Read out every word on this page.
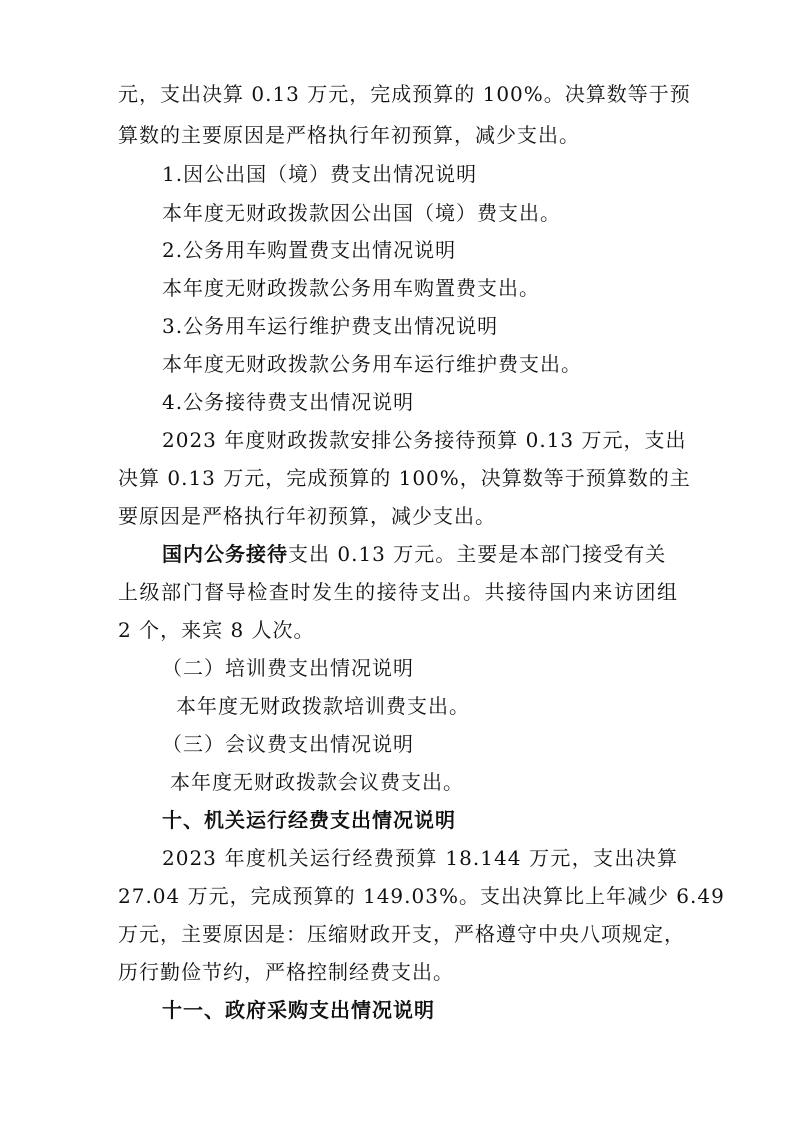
元，支出决算 0.13 万元，完成预算的 100%。决算数等于预
算数的主要原因是严格执行年初预算，减少支出。
1.因公出国（境）费支出情况说明
本年度无财政拨款因公出国（境）费支出。
2.公务用车购置费支出情况说明
本年度无财政拨款公务用车购置费支出。
3.公务用车运行维护费支出情况说明
本年度无财政拨款公务用车运行维护费支出。
4.公务接待费支出情况说明
2023 年度财政拨款安排公务接待预算 0.13 万元，支出
决算 0.13 万元，完成预算的 100%，决算数等于预算数的主
要原因是严格执行年初预算，减少支出。
国内公务接待支出 0.13 万元。主要是本部门接受有关
上级部门督导检查时发生的接待支出。共接待国内来访团组
2 个，来宾 8 人次。
（二）培训费支出情况说明
本年度无财政拨款培训费支出。
（三）会议费支出情况说明
本年度无财政拨款会议费支出。
十、机关运行经费支出情况说明
2023 年度机关运行经费预算 18.144 万元，支出决算
27.04 万元，完成预算的 149.03%。支出决算比上年减少 6.49
万元，主要原因是：压缩财政开支，严格遵守中央八项规定，
历行勤俭节约，严格控制经费支出。
十一、政府采购支出情况说明
